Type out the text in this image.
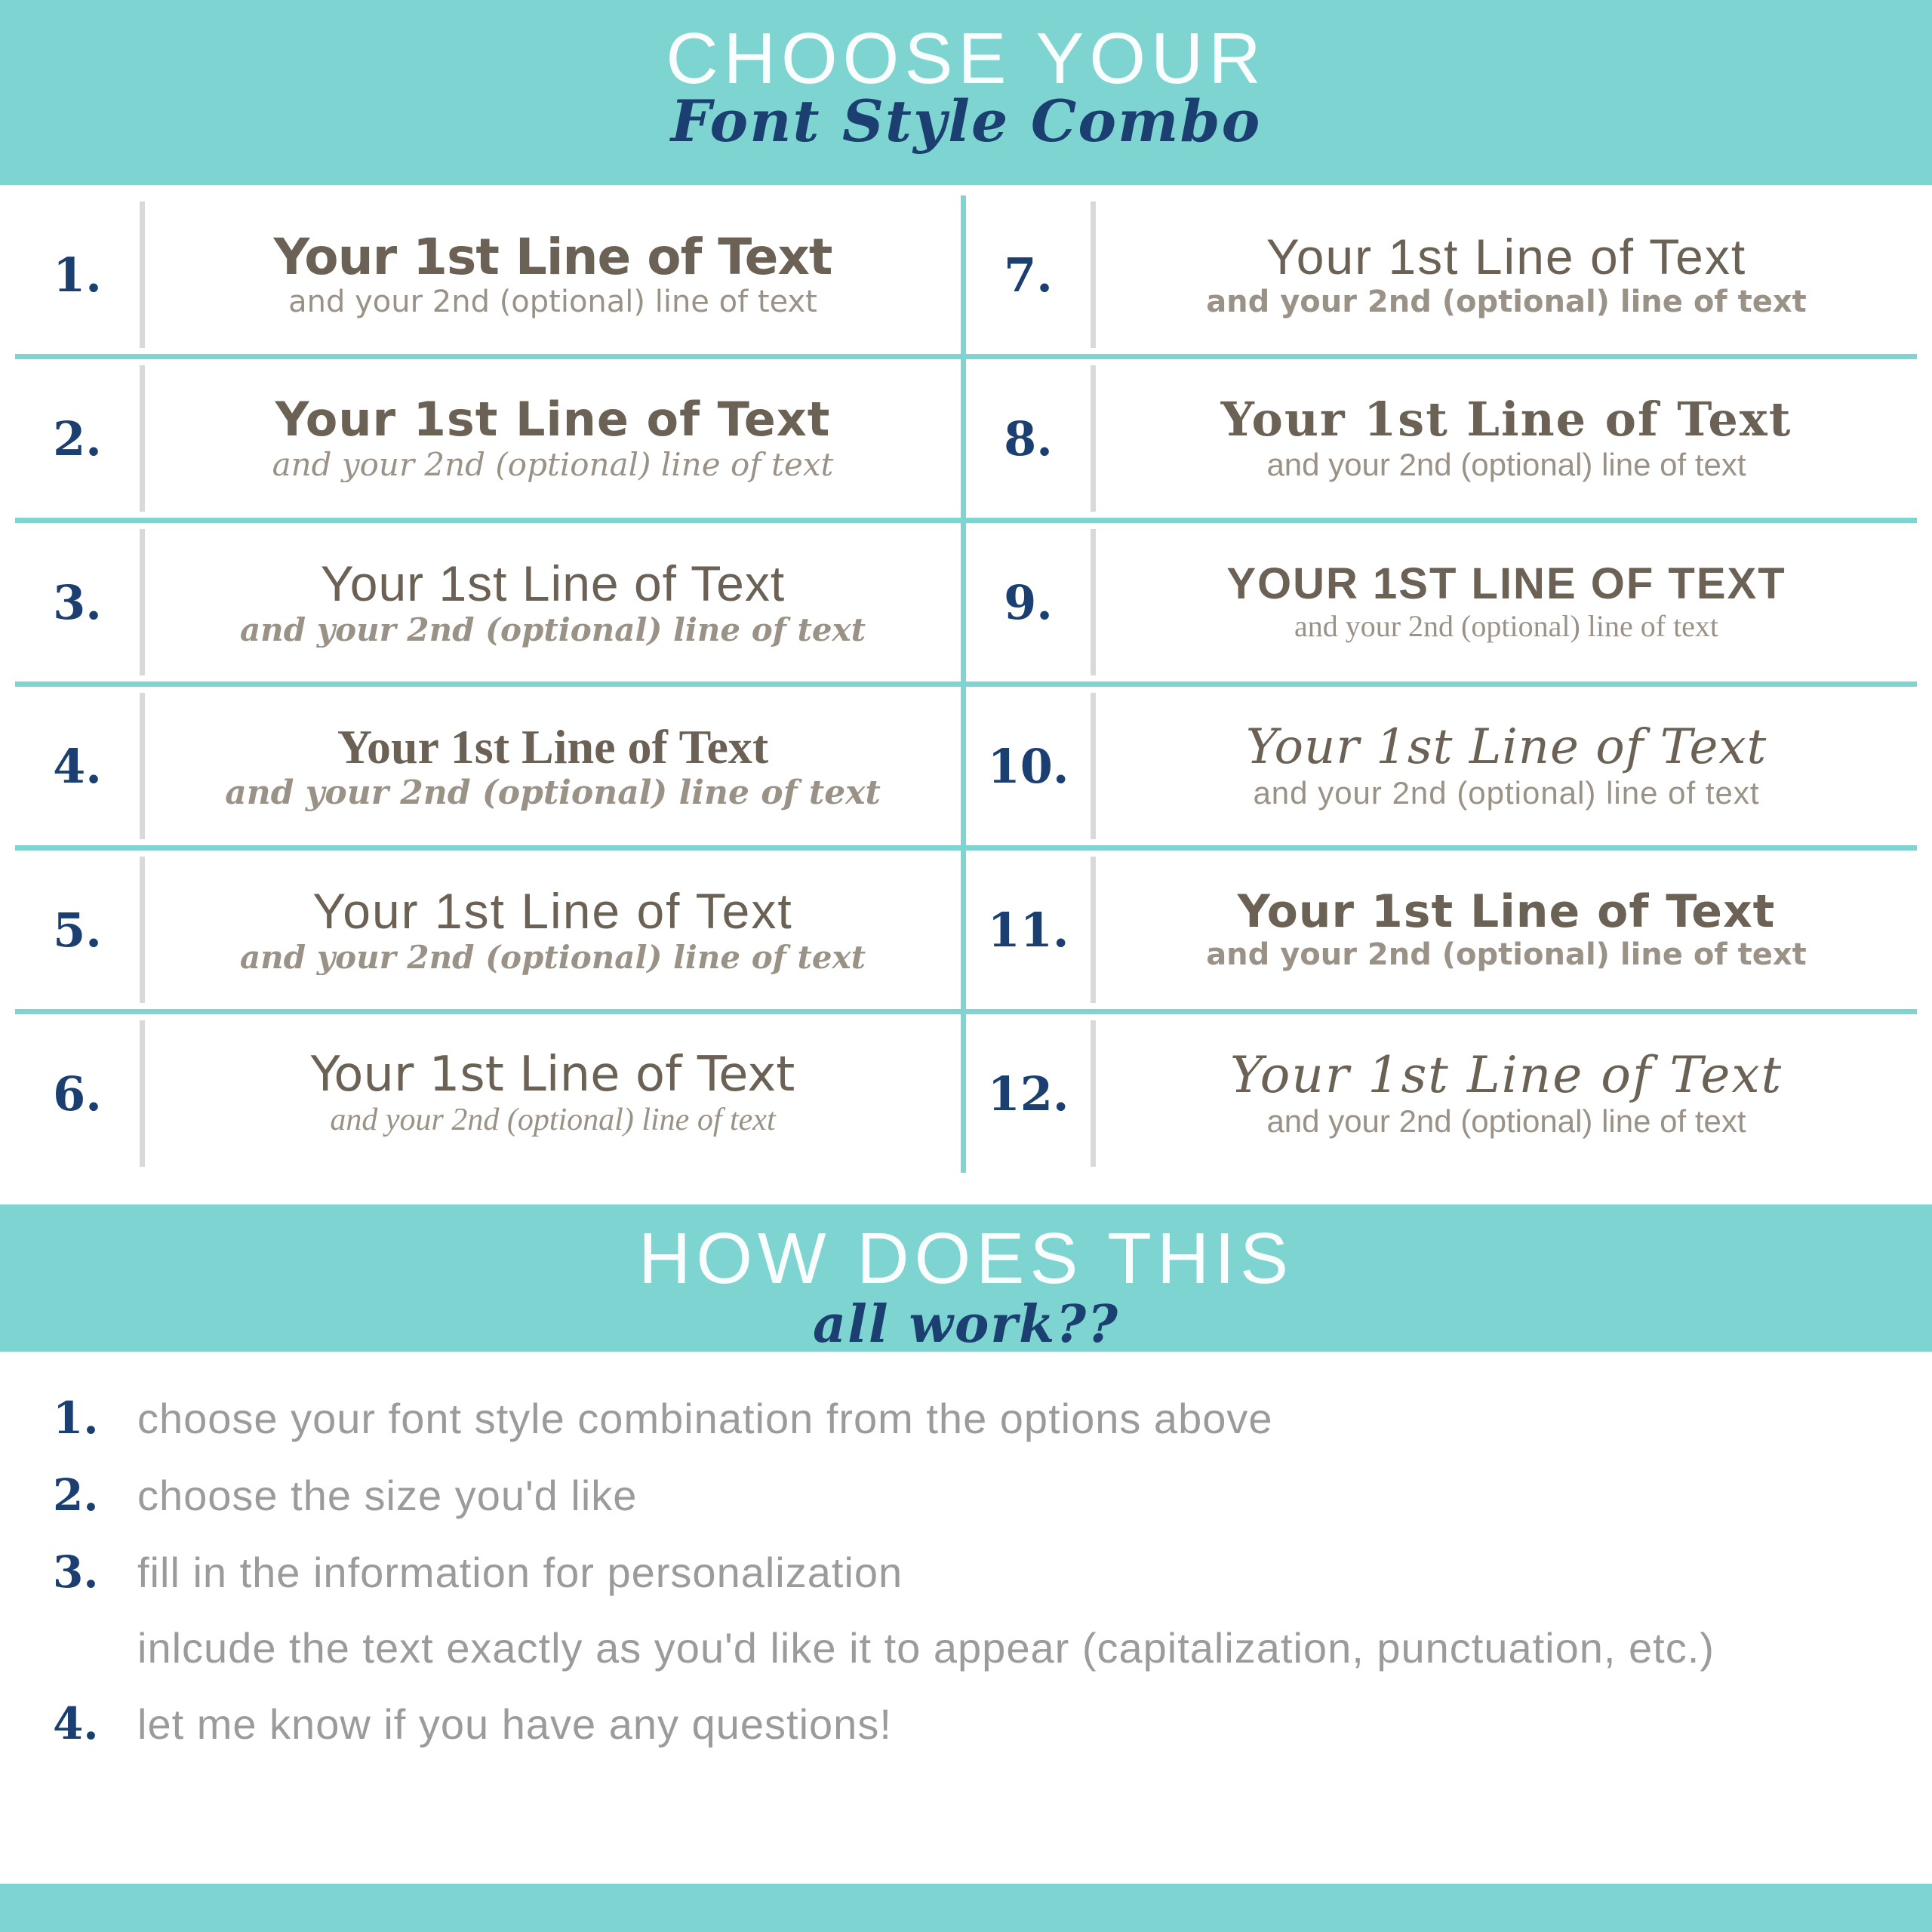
CHOOSE YOUR
Font Style Combo
1.	Your 1st Line of Text
and your 2nd (optional) line of text	7.	Your 1st Line of Text
and your 2nd (optional) line of text
2.	Your 1st Line of Text
and your 2nd (optional) line of text	8.	Your 1st Line of Text
and your 2nd (optional) line of text
3.	Your 1st Line of Text
and your 2nd (optional) line of text
9.	YOUR 1ST LINE OF TEXT
and your 2nd (optional) line of text
4.	Your 1st Line of Text
and your 2nd (optional) line of text	10.	Your 1st Line of Text
and your 2nd (optional) line of text
5.	Your 1st Line of Text
and your 2nd (optional) line of text
11.	Your 1st Line of Text
and your 2nd (optional) line of text
6.	Your 1st Line of Text
and your 2nd (optional) line of text	12.	Your 1st Line of Text
and your 2nd (optional) line of text
HOW DOES THIS
all work??
1. choose your font style combination from the options above
2. choose the size you'd like
3. fill in the information for personalization
inlcude the text exactly as you'd like it to appear (capitalization, punctuation, etc.)
4. let me know if you have any questions!
